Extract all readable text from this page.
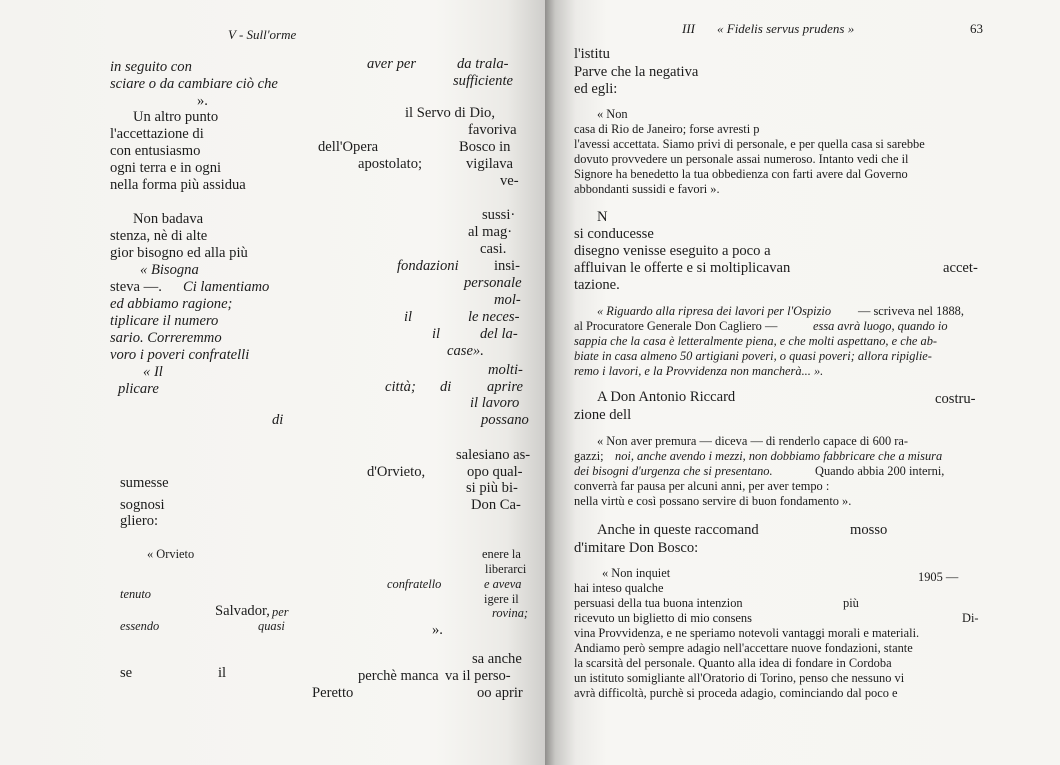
V - Sull'orme
in seguito con
sciare o da cambiare ciò che
».
Un altro punto
l'accettazione di
con entusiasmo
ogni terra e in ogni
nella forma più assidua
Non badava
stenza, nè di alte
gior bisogno ed alla più
« Bisogna
steva —. Ci lamentiamo
ed abbiamo ragione;
tiplicare il numero
sario. Correremmo
voro i poveri confratelli
« Il
plicare
di
sumesse
sognosi
gliero:
« Orvieto
tenuto
Salvador, per
essendo	quasi
se	il
aver per	da trala-
sufficiente
il Servo di Dio,
favoriva
dell'Opera	Bosco in
apostolato;	vigilava
ve-
sussi·
al mag·
casi.
fondazioni insi-
personale
mol-
il	le neces-
il	del la-
case».
molti-
città; di aprire
il lavoro
possano
salesiano as-
d'Orvieto,	opo qual-
si più bi-
Don Ca-
enere la
liberarci
confratello	e aveva
igere il
rovina;
».
sa anche
perchè manca va il perso-
Peretto	oo aprir
III « Fidelis servus prudens »	63
l'istitu
Parve che la negativa
ed egli:
« Non
casa di Rio de Janeiro; forse avresti p
l'avessi accettata. Siamo privi di personale, e per quella casa si sarebbe
dovuto provvedere un personale assai numeroso. Intanto vedi che il
Signore ha benedetto la tua obbedienza con farti avere dal Governo
abbondanti sussidi e favori ».
N
si conducesse
disegno venisse eseguito a poco a
affluivan le offerte e si moltiplicavan	accet-
tazione.
« Riguardo alla ripresa dei lavori per l'Ospizio — scriveva nel 1888,
al Procuratore Generale Don Cagliero —	essa avrà luogo, quando io
sappia che la casa è letteralmente piena, e che molti aspettano, e che ab-
biate in casa almeno 50 artigiani poveri, o quasi poveri; allora ripiglie-
remo i lavori, e la Provvidenza non mancherà... ».
A Don Antonio Riccard	costru-
zione dell
« Non aver premura — diceva — di renderlo capace di 600 ra-
gazzi; noi, anche avendo i mezzi, non dobbiamo fabbricare che a misura
dei bisogni d'urgenza che si presentano.	Quando abbia 200 interni,
converrà far pausa per alcuni anni, per aver tempo :
nella virtù e così possano servire di buon fondamento ».
Anche in queste raccomand	mosso
d'imitare Don Bosco:
« Non inquiet	1905 —
hai inteso qualche
persuasi della tua buona intenzion	più
ricevuto un biglietto di mio consens	Di-
vina Provvidenza, e ne speriamo notevoli vantaggi morali e materiali.
Andiamo però sempre adagio nell'accettare nuove fondazioni, stante
la scarsità del personale. Quanto alla idea di fondare in Cordoba
un istituto somigliante all'Oratorio di Torino, penso che nessuno vi
avrà difficoltà, purchè si proceda adagio, cominciando dal poco e
